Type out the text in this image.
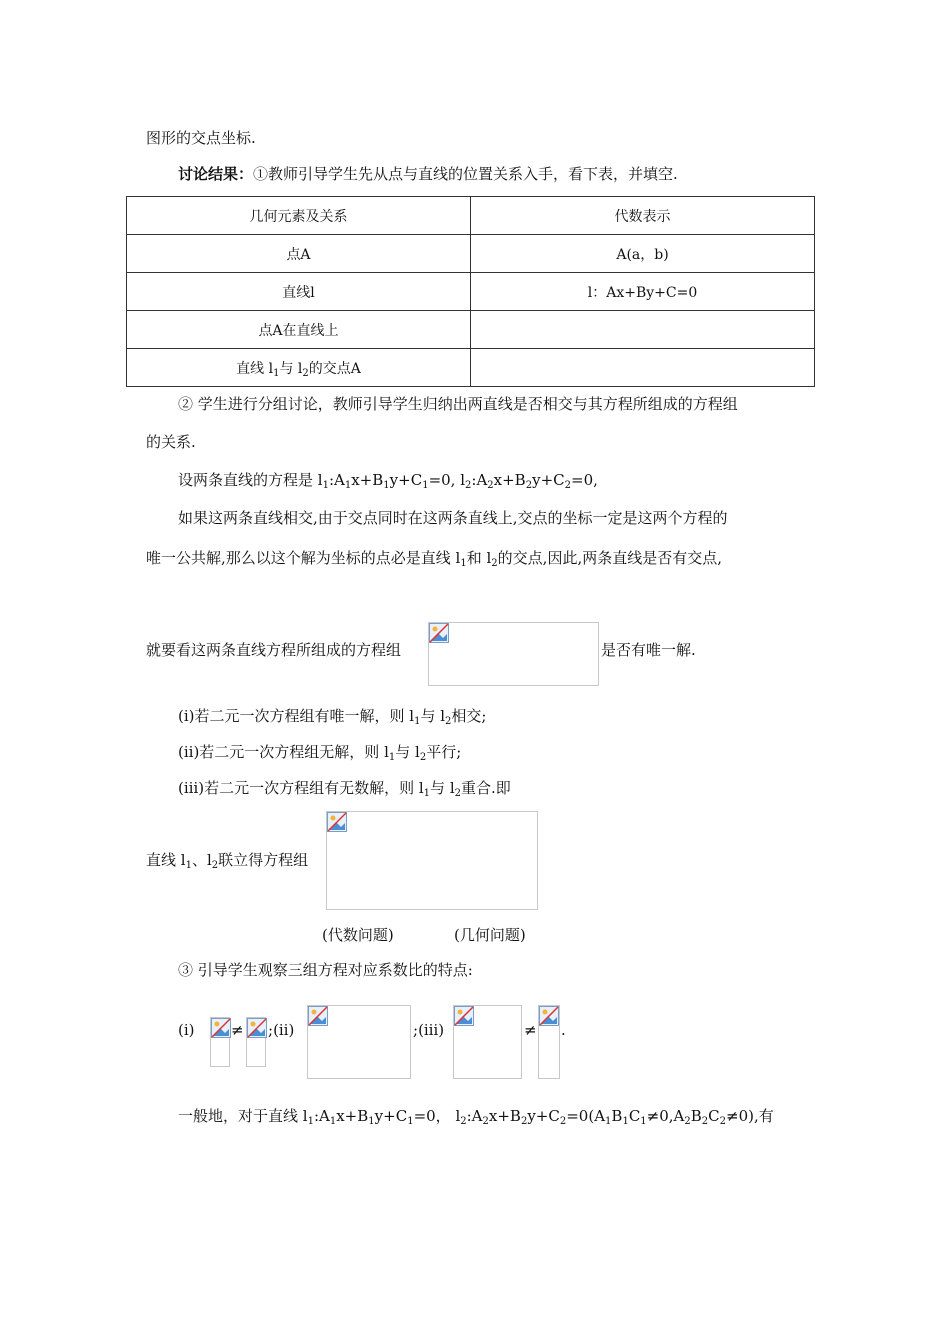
图形的交点坐标.
讨论结果：①教师引导学生先从点与直线的位置关系入手，看下表，并填空.
几何元素及关系	代数表示
点A	A(a，b)
直线l	l：Ax+By+C=0
点A在直线上	
直线 $l_1$与 $l_2$的交点A	
② 学生进行分组讨论，教师引导学生归纳出两直线是否相交与其方程所组成的方程组
的关系.
设两条直线的方程是 $l_1:A_1x+B_1y+C_1=0$, $l_2:A_2x+B_2y+C_2=0$,
如果这两条直线相交,由于交点同时在这两条直线上,交点的坐标一定是这两个方程的
唯一公共解,那么以这个解为坐标的点必是直线 $l_1$和 $l_2$的交点,因此,两条直线是否有交点,
就要看这两条直线方程所组成的方程组	是否有唯一解.
(ⅰ)若二元一次方程组有唯一解，则 $l_1$与 $l_2$相交;
(ⅱ)若二元一次方程组无解，则 $l_1$与 $l_2$平行;
(ⅲ)若二元一次方程组有无数解，则 $l_1$与 $l_2$重合.即
直线 $l_1$、$l_2$联立得方程组
(代数问题)	(几何问题)
③ 引导学生观察三组方程对应系数比的特点:
(ⅰ) ≠ ;(ⅱ)	;(ⅲ)	≠ .
一般地，对于直线 $l_1:A_1x+B_1y+C_1=0$， $l_2:A_2x+B_2y+C_2=0(A_1B_1C_1\ne 0,A_2B_2C_2\ne 0)$,有
